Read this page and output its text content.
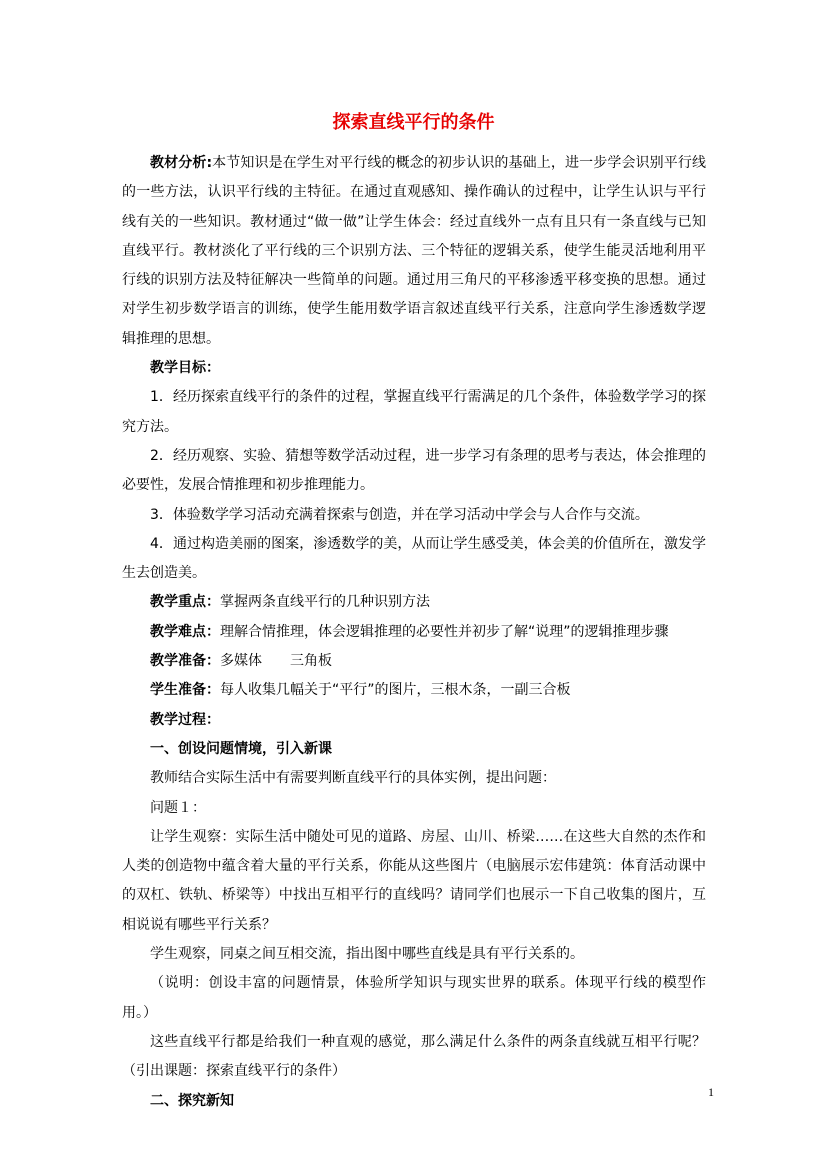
探索直线平行的条件

教材分析:本节知识是在学生对平行线的概念的初步认识的基础上，进一步学会识别平行线的一些方法，认识平行线的主特征。在通过直观感知、操作确认的过程中，让学生认识与平行线有关的一些知识。教材通过“做一做”让学生体会：经过直线外一点有且只有一条直线与已知直线平行。教材淡化了平行线的三个识别方法、三个特征的逻辑关系，使学生能灵活地利用平行线的识别方法及特征解决一些简单的问题。通过用三角尺的平移渗透平移变换的思想。通过对学生初步数学语言的训练，使学生能用数学语言叙述直线平行关系，注意向学生渗透数学逻辑推理的思想。

教学目标：

1．经历探索直线平行的条件的过程，掌握直线平行需满足的几个条件，体验数学学习的探究方法。

2．经历观察、实验、猜想等数学活动过程，进一步学习有条理的思考与表达，体会推理的必要性，发展合情推理和初步推理能力。

3．体验数学学习活动充满着探索与创造，并在学习活动中学会与人合作与交流。

4．通过构造美丽的图案，渗透数学的美，从而让学生感受美，体会美的价值所在，激发学生去创造美。

教学重点：掌握两条直线平行的几种识别方法

教学难点：理解合情推理，体会逻辑推理的必要性并初步了解“说理”的逻辑推理步骤

教学准备：多媒体　　三角板

学生准备：每人收集几幅关于“平行”的图片，三根木条，一副三合板

教学过程：

一、创设问题情境，引入新课

教师结合实际生活中有需要判断直线平行的具体实例，提出问题：

问题１：

让学生观察：实际生活中随处可见的道路、房屋、山川、桥梁……在这些大自然的杰作和人类的创造物中蕴含着大量的平行关系，你能从这些图片（电脑展示宏伟建筑：体育活动课中的双杠、铁轨、桥梁等）中找出互相平行的直线吗？请同学们也展示一下自己收集的图片，互相说说有哪些平行关系？

学生观察，同桌之间互相交流，指出图中哪些直线是具有平行关系的。

（说明：创设丰富的问题情景，体验所学知识与现实世界的联系。体现平行线的模型作用。）

这些直线平行都是给我们一种直观的感觉，那么满足什么条件的两条直线就互相平行呢？（引出课题：探索直线平行的条件）

二、探究新知

1
